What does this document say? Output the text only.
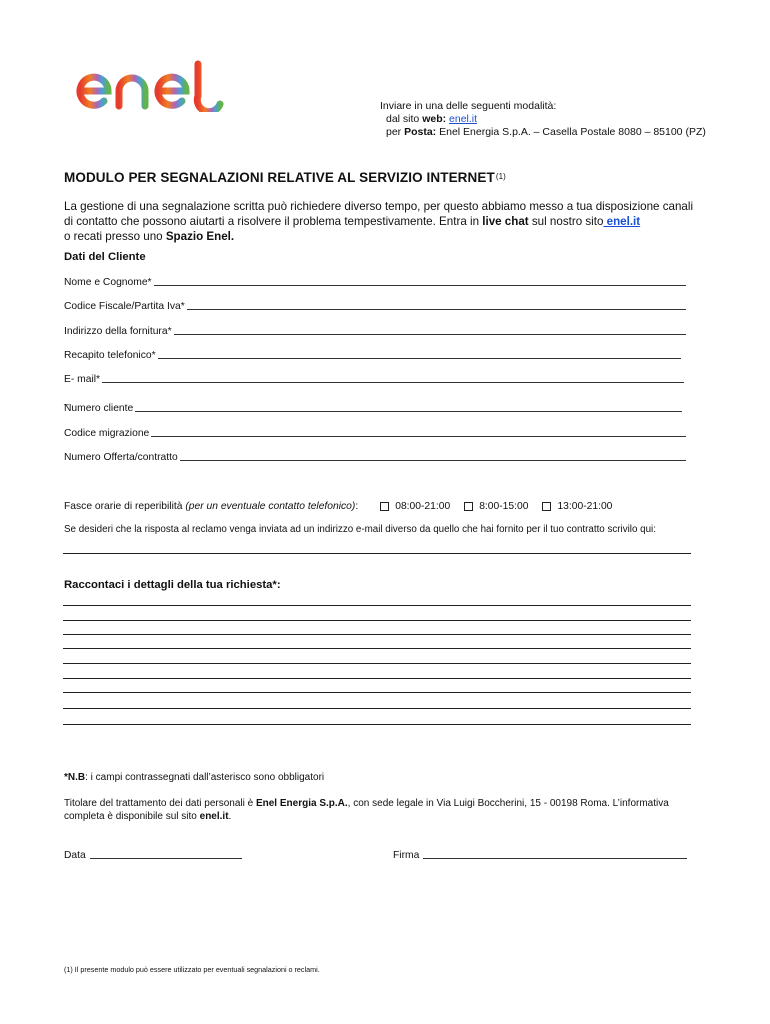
Inviare in una delle seguenti modalità:
dal sito web: enel.it
per Posta: Enel Energia S.p.A. – Casella Postale 8080 – 85100 (PZ)
MODULO PER SEGNALAZIONI RELATIVE AL SERVIZIO INTERNET$^{(1)}$
La gestione di una segnalazione scritta può richiedere diverso tempo, per questo abbiamo messo a tua disposizione canali di contatto che possono aiutarti a risolvere il problema tempestivamente. Entra in live chat sul nostro sito enel.it
o recati presso uno Spazio Enel.
Dati del Cliente
Nome e Cognome*
Codice Fiscale/Partita Iva*
Indirizzo della fornitura*
Recapito telefonico*
E- mail*
_
Numero cliente
Codice migrazione
Numero Offerta/contratto
Fasce orarie di reperibilità (per un eventuale contatto telefonico):	08:00-21:00	8:00-15:00	13:00-21:00
Se desideri che la risposta al reclamo venga inviata ad un indirizzo e-mail diverso da quello che hai fornito per il tuo contratto scrivilo qui:
Raccontaci i dettagli della tua richiesta*:
*N.B: i campi contrassegnati dall’asterisco sono obbligatori
Titolare del trattamento dei dati personali è Enel Energia S.p.A., con sede legale in Via Luigi Boccherini, 15 - 00198 Roma. L’informativa completa è disponibile sul sito enel.it.
Data	Firma
(1) Il presente modulo può essere utilizzato per eventuali segnalazioni o reclami.
